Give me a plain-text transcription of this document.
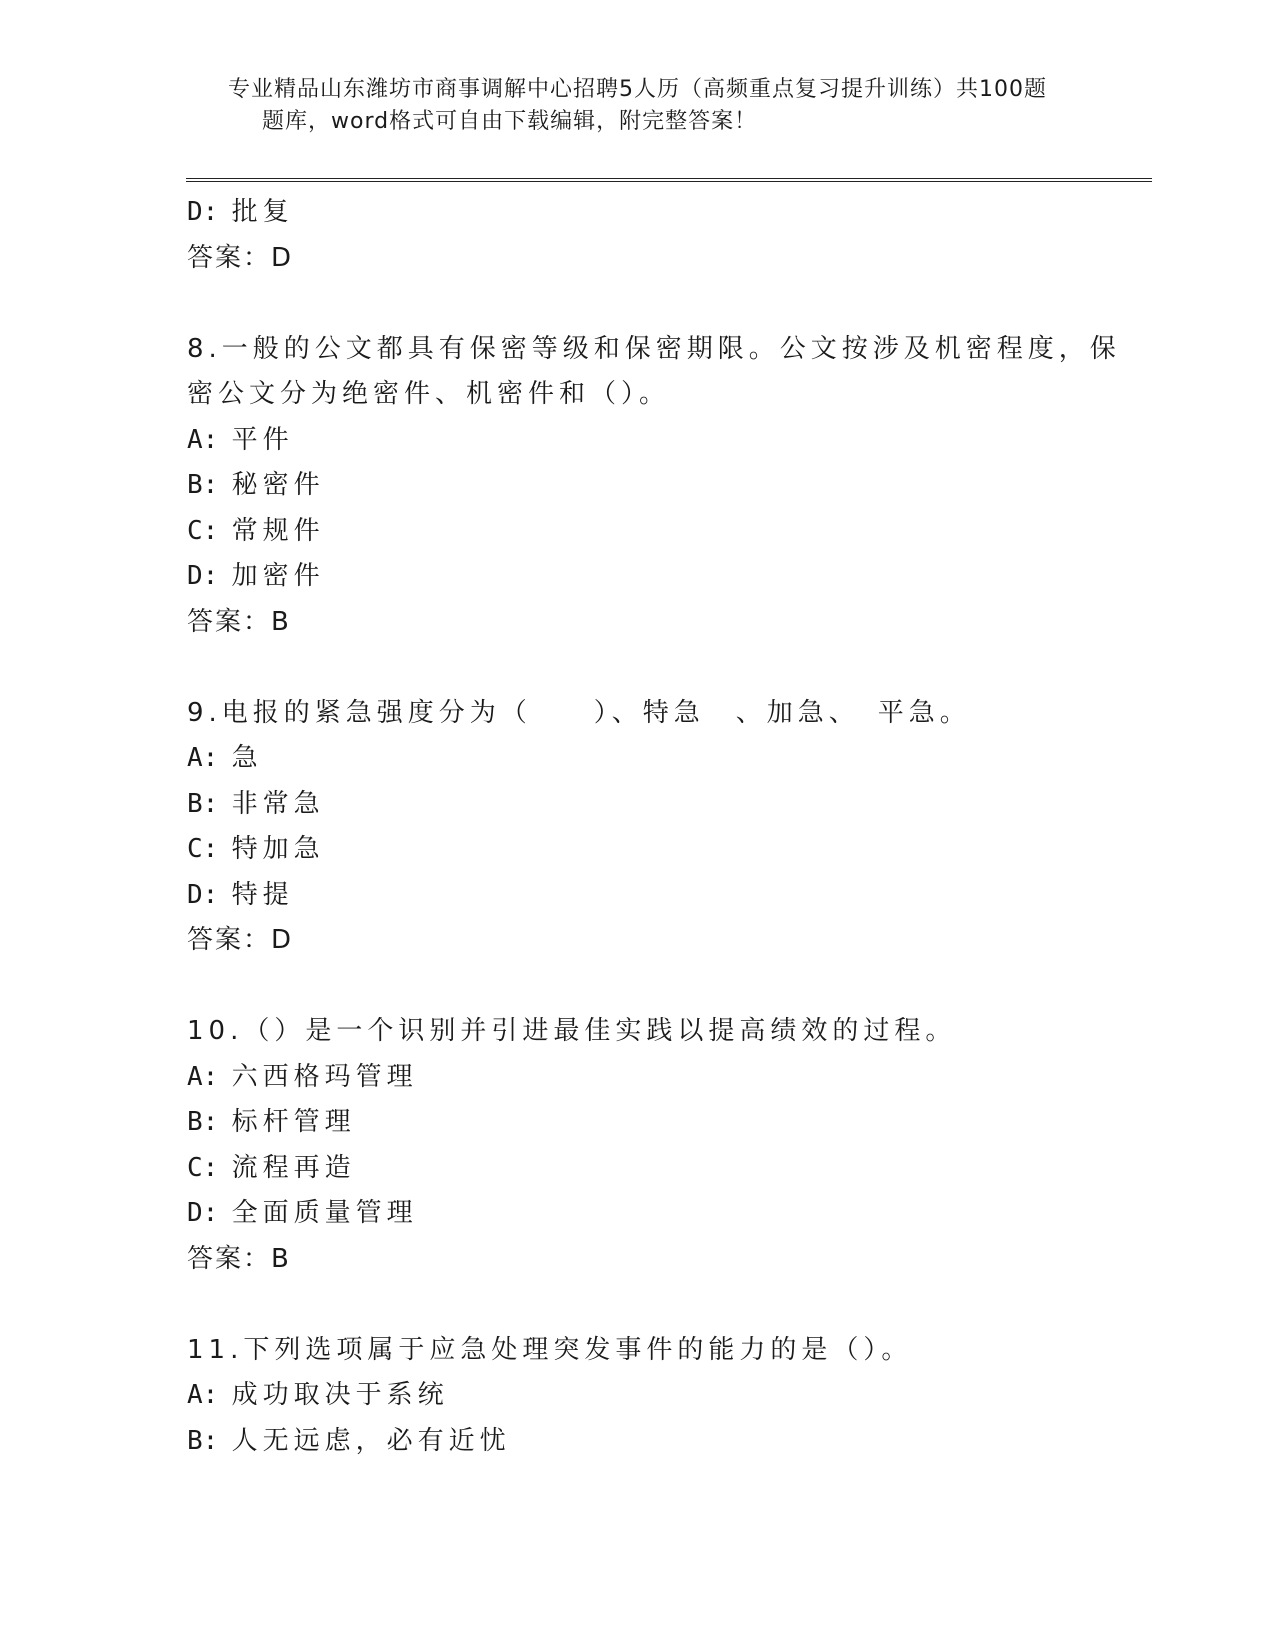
专业精品山东潍坊市商事调解中心招聘5人历（高频重点复习提升训练）共100题
题库，word格式可自由下载编辑，附完整答案！
D: 批复
答案：D
8.一般的公文都具有保密等级和保密期限。公文按涉及机密程度，保
密公文分为绝密件、机密件和（）。
A: 平件
B: 秘密件
C: 常规件
D: 加密件
答案：B
9.电报的紧急强度分为（　　）、特急　、加急、　平急。
A: 急
B: 非常急
C: 特加急
D: 特提
答案：D
10.（）是一个识别并引进最佳实践以提高绩效的过程。
A: 六西格玛管理
B: 标杆管理
C: 流程再造
D: 全面质量管理
答案：B
11.下列选项属于应急处理突发事件的能力的是（）。
A: 成功取决于系统
B: 人无远虑，必有近忧
